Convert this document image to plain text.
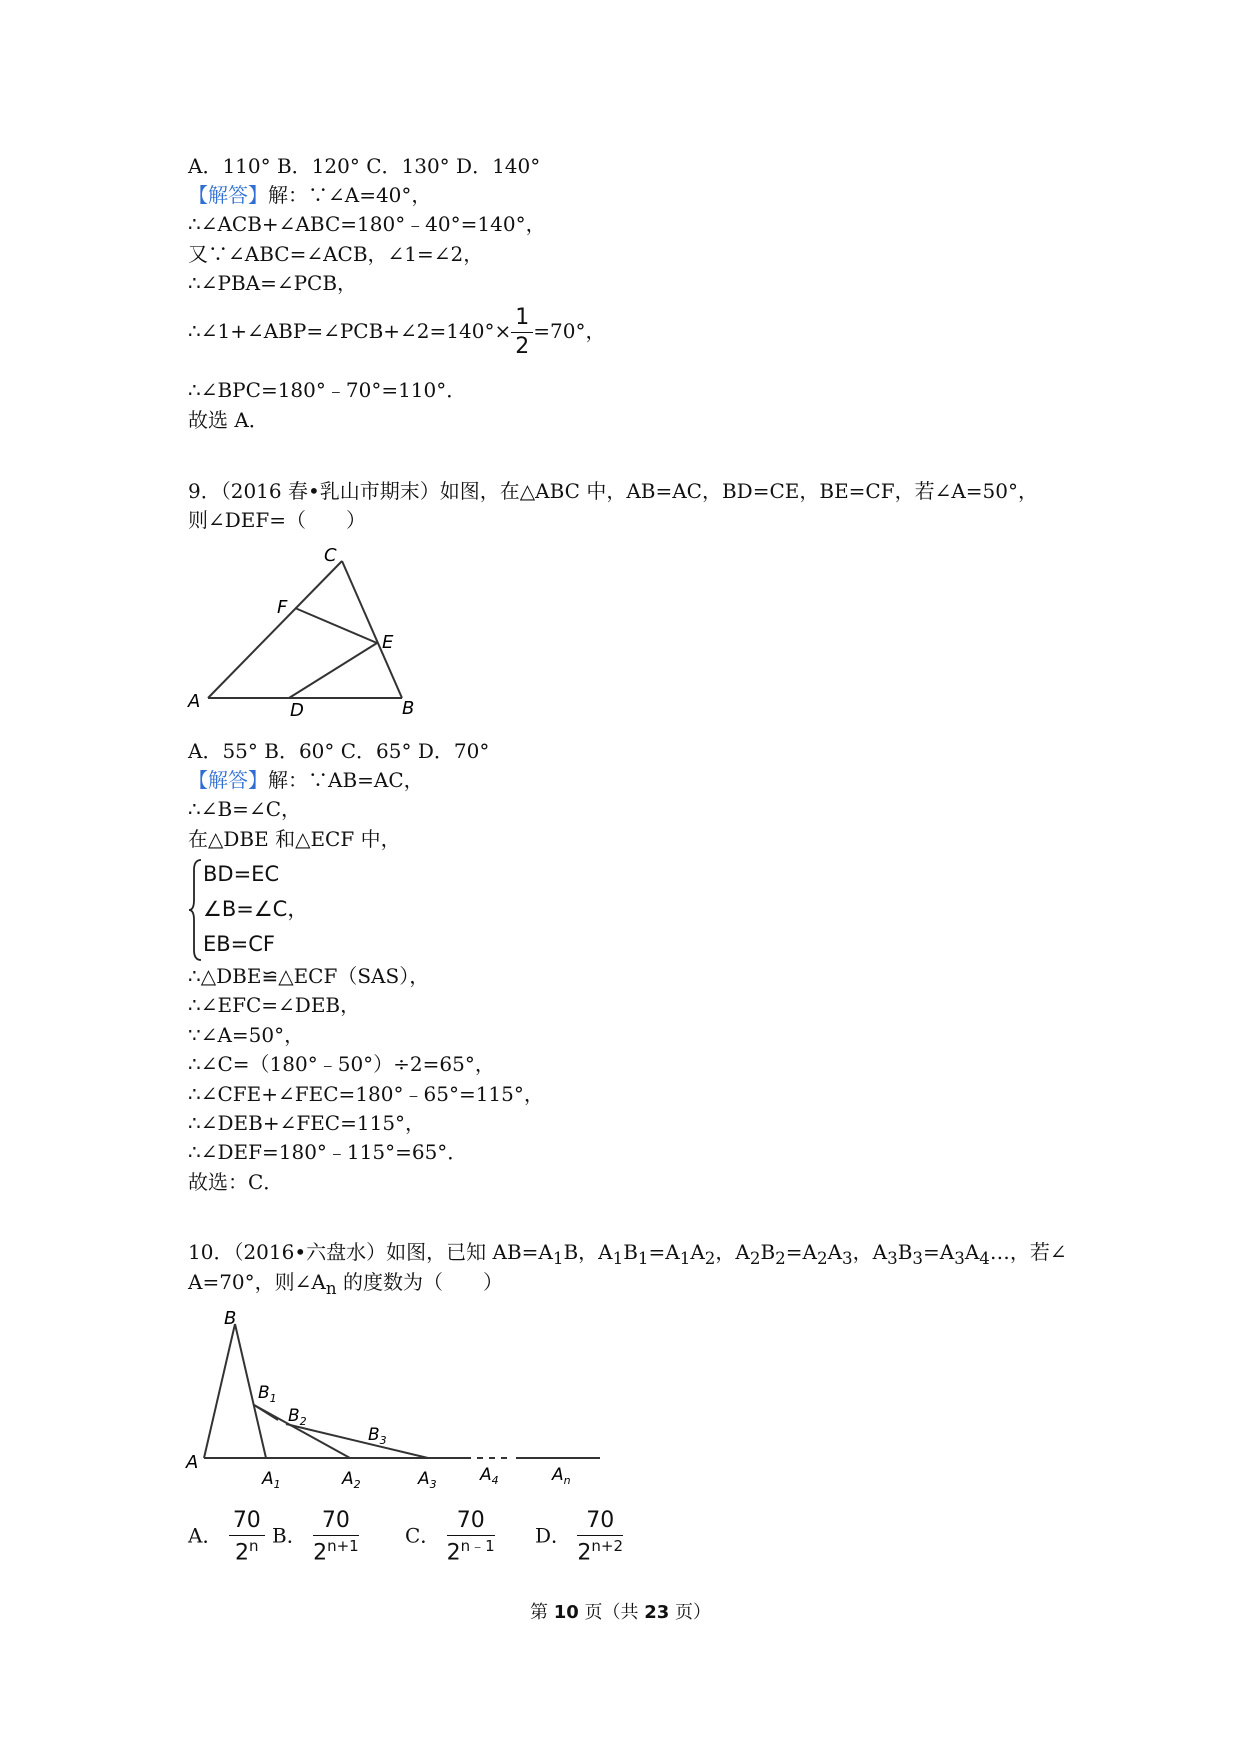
A．110° B．120° C．130° D．140°
【解答】解：∵∠A=40°，
∴∠ACB+∠ABC=180°﹣40°=140°，
又∵∠ABC=∠ACB，∠1=∠2，
∴∠PBA=∠PCB，
∴∠1+∠ABP=∠PCB+∠2=140°× $\frac{1}{2} =70^\circ$，
∴∠BPC=180°﹣70°=110°．
故选 A．
9．（2016 春•乳山市期末）如图，在△ABC 中，AB=AC，BD=CE，BE=CF，若∠A=50°，
则∠DEF=（　　）
C
F
E
A	D	B
A．55° B．60° C．65° D．70°
【解答】解：∵AB=AC，
∴∠B=∠C，
在△DBE 和△ECF 中，
BD=EC
∠B=∠C，
EB=CF
∴△DBE≌△ECF（SAS），
∴∠EFC=∠DEB，
∵∠A=50°，
∴∠C=（180°﹣50°）÷2=65°，
∴∠CFE+∠FEC=180°﹣65°=115°，
∴∠DEB+∠FEC=115°，
∴∠DEF=180°﹣115°=65°．
故选：C．
10．（2016•六盘水）如图，已知 $AB=A_1B$，$A_1B_1=A_1A_2$，$A_2B_2=A_2A_3$，$A_3B_3=A_3A_4\dots$，若∠
A=70°，则$\angle A_n$ 的度数为（　　）
B
$B_1$
$B_2$
$B_3$
A
$A_1$	$A_2$	$A_3$	$A_4$	$A_n$
A． $\frac{70}{2^n}$ B． $\frac{70}{2^{n+1}}$ C． $\frac{70}{2^{n﹣1}}$ D． $\frac{70}{2^{n+2}}$
第 10 页（共 23 页）
